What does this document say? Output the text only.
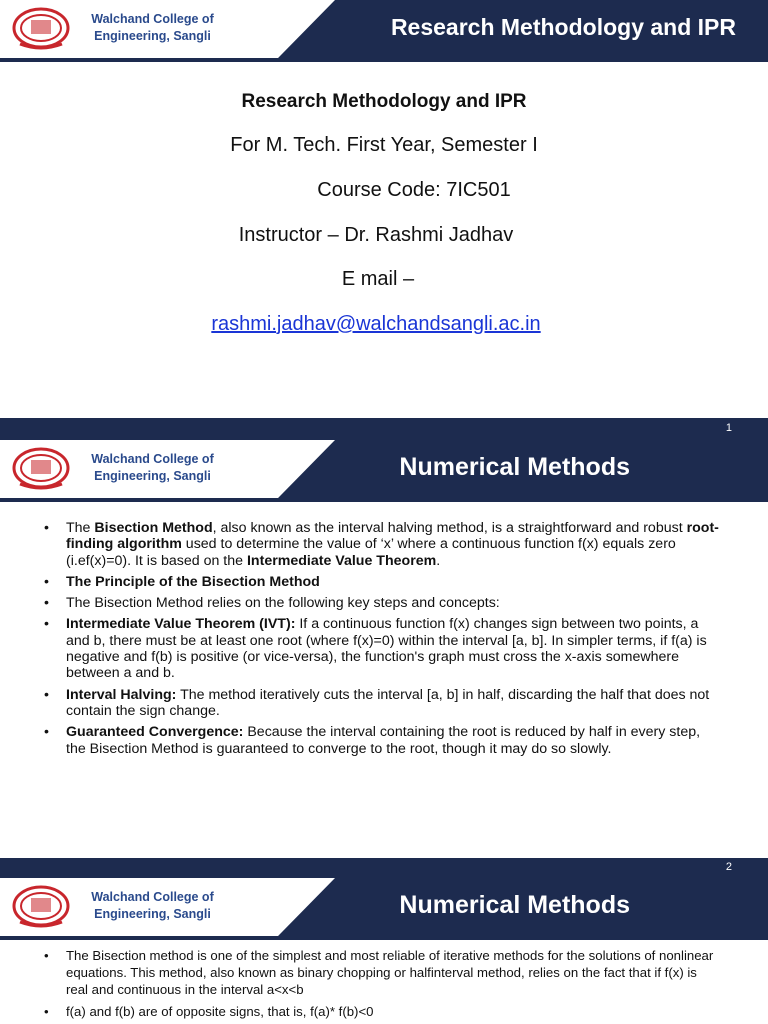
Walchand College of
Engineering, Sangli	Research Methodology and IPR
Research Methodology and IPR
For M. Tech. First Year, Semester I
Course Code: 7IC501
Instructor – Dr. Rashmi Jadhav
E mail –
rashmi.jadhav@walchandsangli.ac.in
1
Walchand College of
Engineering, Sangli	Numerical Methods
• The Bisection Method, also known as the interval halving method, is a straightforward and robust root-finding algorithm used to determine the value of ‘x’ where a continuous function f(x) equals zero (i.ef(x)=0). It is based on the Intermediate Value Theorem.
• The Principle of the Bisection Method
• The Bisection Method relies on the following key steps and concepts:
• Intermediate Value Theorem (IVT): If a continuous function f(x) changes sign between two points, a and b, there must be at least one root (where f(x)=0) within the interval [a, b]. In simpler terms, if f(a) is negative and f(b) is positive (or vice-versa), the function's graph must cross the x-axis somewhere between a and b.
• Interval Halving: The method iteratively cuts the interval [a, b] in half, discarding the half that does not contain the sign change.
• Guaranteed Convergence: Because the interval containing the root is reduced by half in every step, the Bisection Method is guaranteed to converge to the root, though it may do so slowly.
2
Walchand College of
Engineering, Sangli	Numerical Methods
• The Bisection method is one of the simplest and most reliable of iterative methods for the solutions of nonlinear equations. This method, also known as binary chopping or halfinterval method, relies on the fact that if f(x) is real and continuous in the interval a<x<b
• f(a) and f(b) are of opposite signs, that is, f(a)* f(b)<0
